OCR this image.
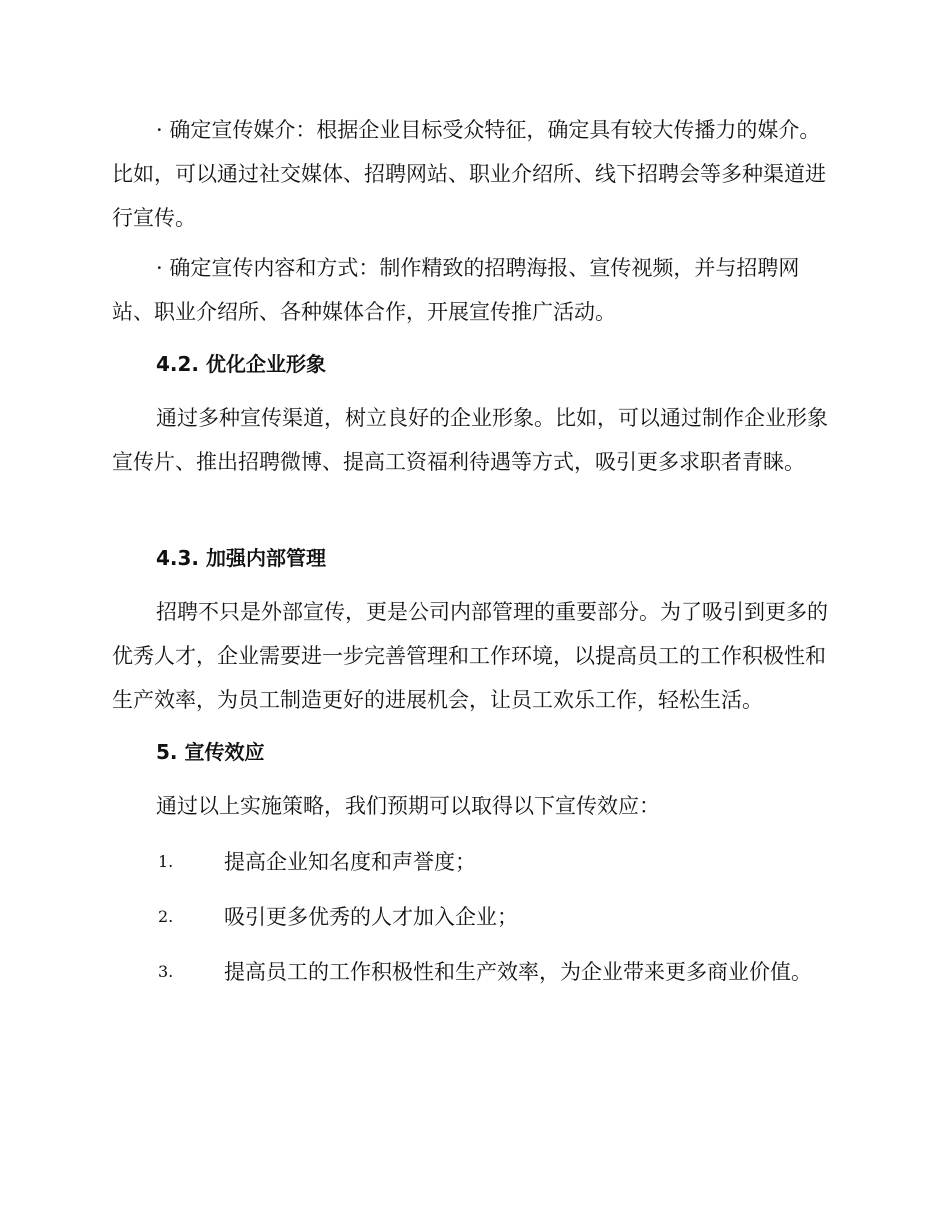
· 确定宣传媒介：根据企业目标受众特征，确定具有较大传播力的媒介。比如，可以通过社交媒体、招聘网站、职业介绍所、线下招聘会等多种渠道进行宣传。

· 确定宣传内容和方式：制作精致的招聘海报、宣传视频，并与招聘网站、职业介绍所、各种媒体合作，开展宣传推广活动。

4.2. 优化企业形象

通过多种宣传渠道，树立良好的企业形象。比如，可以通过制作企业形象宣传片、推出招聘微博、提高工资福利待遇等方式，吸引更多求职者青睐。

4.3. 加强内部管理

招聘不只是外部宣传，更是公司内部管理的重要部分。为了吸引到更多的优秀人才，企业需要进一步完善管理和工作环境，以提高员工的工作积极性和生产效率，为员工制造更好的进展机会，让员工欢乐工作，轻松生活。

5. 宣传效应

通过以上实施策略，我们预期可以取得以下宣传效应：

1. 提高企业知名度和声誉度；
2. 吸引更多优秀的人才加入企业；
3. 提高员工的工作积极性和生产效率，为企业带来更多商业价值。
